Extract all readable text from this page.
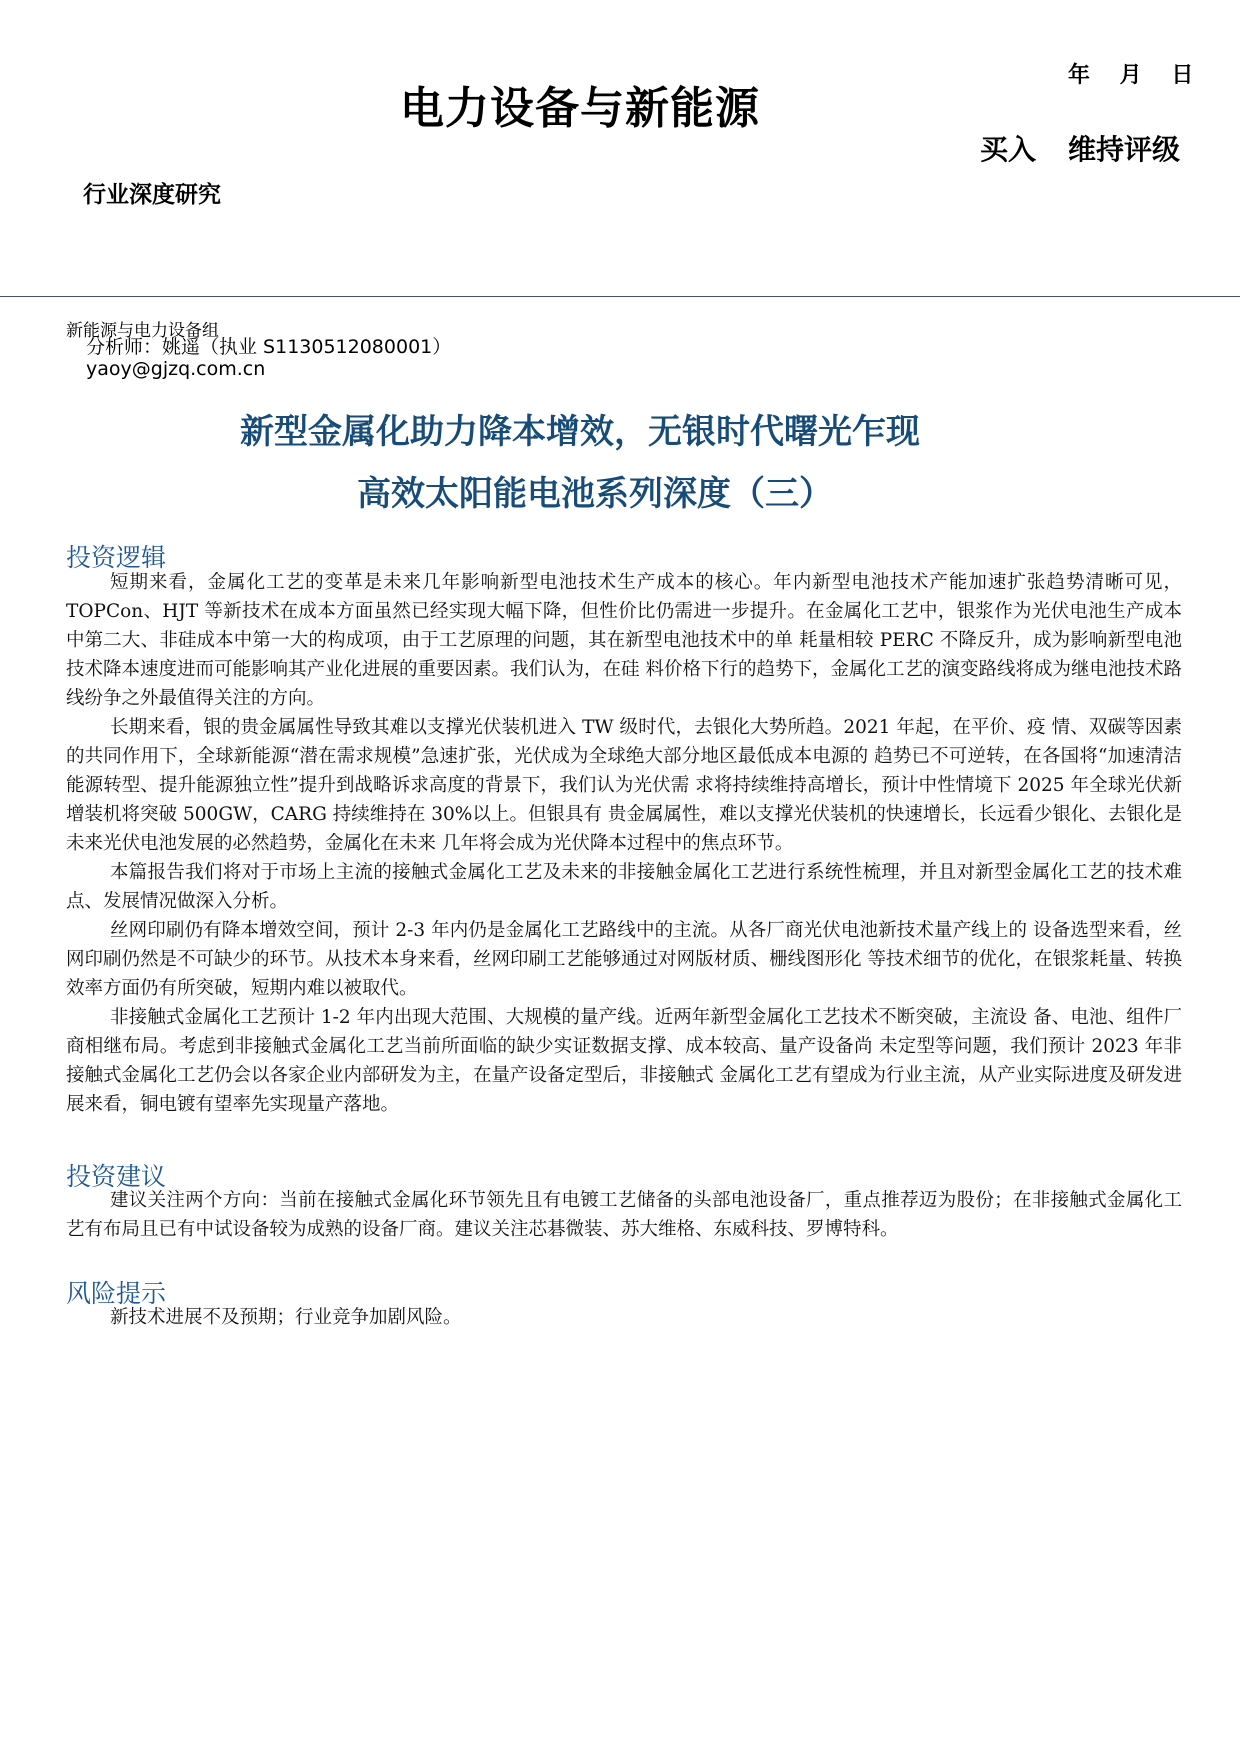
电力设备与新能源
年 月 日
买入 维持评级
行业深度研究
新能源与电力设备组
分析师：姚遥（执业 S1130512080001）
yaoy@gjzq.com.cn
新型金属化助力降本增效，无银时代曙光乍现
高效太阳能电池系列深度（三）
投资逻辑

短期来看，金属化工艺的变革是未来几年影响新型电池技术生产成本的核心。年内新型电池技术产能加速扩张趋势清晰可见，TOPCon、HJT 等新技术在成本方面虽然已经实现大幅下降，但性价比仍需进一步提升。在金属化工艺中，银浆作为光伏电池生产成本中第二大、非硅成本中第一大的构成项，由于工艺原理的问题，其在新型电池技术中的单 耗量相较 PERC 不降反升，成为影响新型电池技术降本速度进而可能影响其产业化进展的重要因素。我们认为，在硅 料价格下行的趋势下，金属化工艺的演变路线将成为继电池技术路线纷争之外最值得关注的方向。

长期来看，银的贵金属属性导致其难以支撑光伏装机进入 TW 级时代，去银化大势所趋。2021 年起，在平价、疫 情、双碳等因素的共同作用下，全球新能源“潜在需求规模”急速扩张，光伏成为全球绝大部分地区最低成本电源的 趋势已不可逆转，在各国将“加速清洁能源转型、提升能源独立性”提升到战略诉求高度的背景下，我们认为光伏需 求将持续维持高增长，预计中性情境下 2025 年全球光伏新增装机将突破 500GW，CARG 持续维持在 30%以上。但银具有 贵金属属性，难以支撑光伏装机的快速增长，长远看少银化、去银化是未来光伏电池发展的必然趋势，金属化在未来 几年将会成为光伏降本过程中的焦点环节。

本篇报告我们将对于市场上主流的接触式金属化工艺及未来的非接触金属化工艺进行系统性梳理，并且对新型金属化工艺的技术难点、发展情况做深入分析。

丝网印刷仍有降本增效空间，预计 2-3 年内仍是金属化工艺路线中的主流。从各厂商光伏电池新技术量产线上的 设备选型来看，丝网印刷仍然是不可缺少的环节。从技术本身来看，丝网印刷工艺能够通过对网版材质、栅线图形化 等技术细节的优化，在银浆耗量、转换效率方面仍有所突破，短期内难以被取代。

非接触式金属化工艺预计 1-2 年内出现大范围、大规模的量产线。近两年新型金属化工艺技术不断突破，主流设 备、电池、组件厂商相继布局。考虑到非接触式金属化工艺当前所面临的缺少实证数据支撑、成本较高、量产设备尚 未定型等问题，我们预计 2023 年非接触式金属化工艺仍会以各家企业内部研发为主，在量产设备定型后，非接触式 金属化工艺有望成为行业主流，从产业实际进度及研发进展来看，铜电镀有望率先实现量产落地。

投资建议

建议关注两个方向：当前在接触式金属化环节领先且有电镀工艺储备的头部电池设备厂，重点推荐迈为股份；在非接触式金属化工艺有布局且已有中试设备较为成熟的设备厂商。建议关注芯碁微装、苏大维格、东威科技、罗博特科。

风险提示

新技术进展不及预期；行业竞争加剧风险。
